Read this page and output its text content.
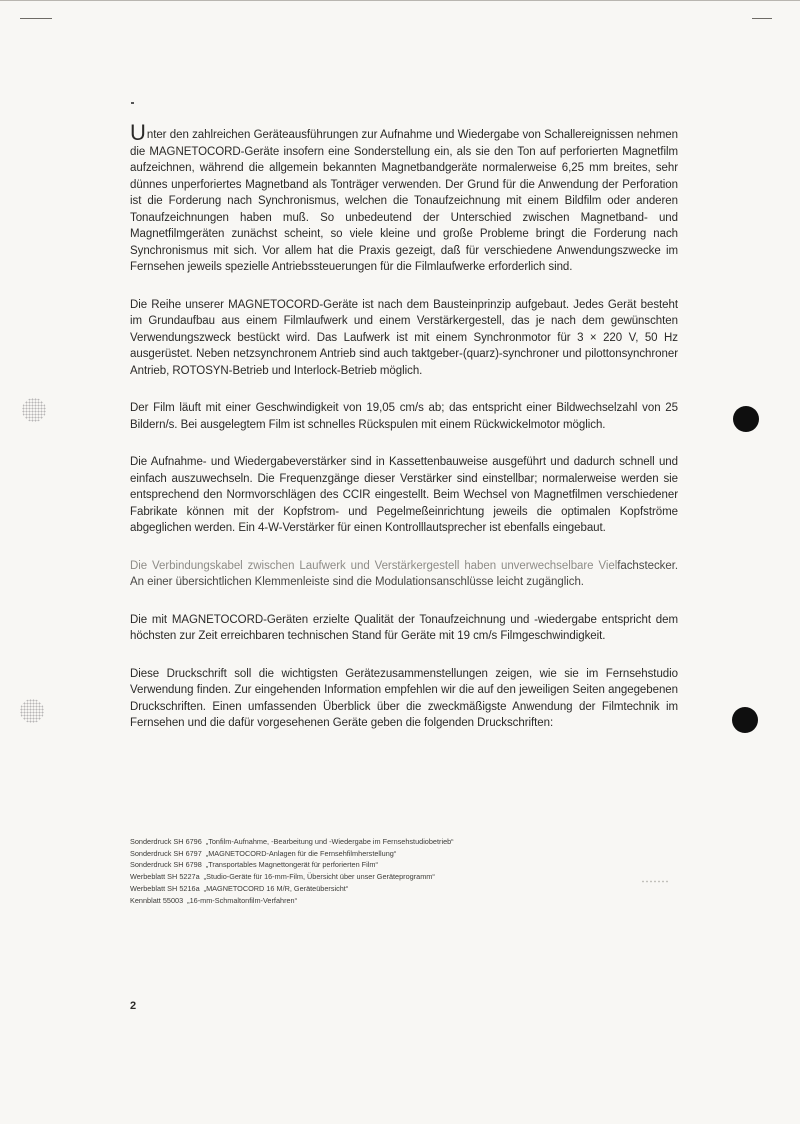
Unter den zahlreichen Geräteausführungen zur Aufnahme und Wiedergabe von Schallereignissen nehmen die MAGNETOCORD-Geräte insofern eine Sonderstellung ein, als sie den Ton auf perforierten Magnetfilm aufzeichnen, während die allgemein bekannten Magnetbandgeräte normalerweise 6,25 mm breites, sehr dünnes unperforiertes Magnetband als Tonträger verwenden. Der Grund für die Anwendung der Perforation ist die Forderung nach Synchronismus, welchen die Tonaufzeichnung mit einem Bildfilm oder anderen Tonaufzeichnungen haben muß. So unbedeutend der Unterschied zwischen Magnetband- und Magnetfilmgeräten zunächst scheint, so viele kleine und große Probleme bringt die Forderung nach Synchronismus mit sich. Vor allem hat die Praxis gezeigt, daß für verschiedene Anwendungszwecke im Fernsehen jeweils spezielle Antriebssteuerungen für die Filmlaufwerke erforderlich sind.

Die Reihe unserer MAGNETOCORD-Geräte ist nach dem Bausteinprinzip aufgebaut. Jedes Gerät besteht im Grundaufbau aus einem Filmlaufwerk und einem Verstärkergestell, das je nach dem gewünschten Verwendungszweck bestückt wird. Das Laufwerk ist mit einem Synchronmotor für 3 × 220 V, 50 Hz ausgerüstet. Neben netzsynchronem Antrieb sind auch taktgeber-(quarz)-synchroner und pilottonsynchroner Antrieb, ROTOSYN-Betrieb und Interlock-Betrieb möglich.

Der Film läuft mit einer Geschwindigkeit von 19,05 cm/s ab; das entspricht einer Bildwechselzahl von 25 Bildern/s. Bei ausgelegtem Film ist schnelles Rückspulen mit einem Rückwickelmotor möglich.

Die Aufnahme- und Wiedergabeverstärker sind in Kassettenbauweise ausgeführt und dadurch schnell und einfach auszuwechseln. Die Frequenzgänge dieser Verstärker sind einstellbar; normalerweise werden sie entsprechend den Normvorschlägen des CCIR eingestellt. Beim Wechsel von Magnetfilmen verschiedener Fabrikate können mit der Kopfstrom- und Pegelmeßeinrichtung jeweils die optimalen Kopfströme abgeglichen werden. Ein 4-W-Verstärker für einen Kontrolllautsprecher ist ebenfalls eingebaut.

Die Verbindungskabel zwischen Laufwerk und Verstärkergestell haben unverwechselbare Vielfachstecker. An einer übersichtlichen Klemmenleiste sind die Modulationsanschlüsse leicht zugänglich.

Die mit MAGNETOCORD-Geräten erzielte Qualität der Tonaufzeichnung und -wiedergabe entspricht dem höchsten zur Zeit erreichbaren technischen Stand für Geräte mit 19 cm/s Filmgeschwindigkeit.

Diese Druckschrift soll die wichtigsten Gerätezusammenstellungen zeigen, wie sie im Fernsehstudio Verwendung finden. Zur eingehenden Information empfehlen wir die auf den jeweiligen Seiten angegebenen Druckschriften. Einen umfassenden Überblick über die zweckmäßigste Anwendung der Filmtechnik im Fernsehen und die dafür vorgesehenen Geräte geben die folgenden Druckschriften:

Sonderdruck SH 6796 „Tonfilm-Aufnahme, -Bearbeitung und -Wiedergabe im Fernsehstudiobetrieb“
Sonderdruck SH 6797 „MAGNETOCORD-Anlagen für die Fernsehfilmherstellung“
Sonderdruck SH 6798 „Transportables Magnettongerät für perforierten Film“
Werbeblatt SH 5227a „Studio-Geräte für 16-mm-Film, Übersicht über unser Geräteprogramm“
Werbeblatt SH 5216a „MAGNETOCORD 16 M/R, Geräteübersicht“
Kennblatt 55003 „16-mm-Schmaltonfilm-Verfahren“
2
